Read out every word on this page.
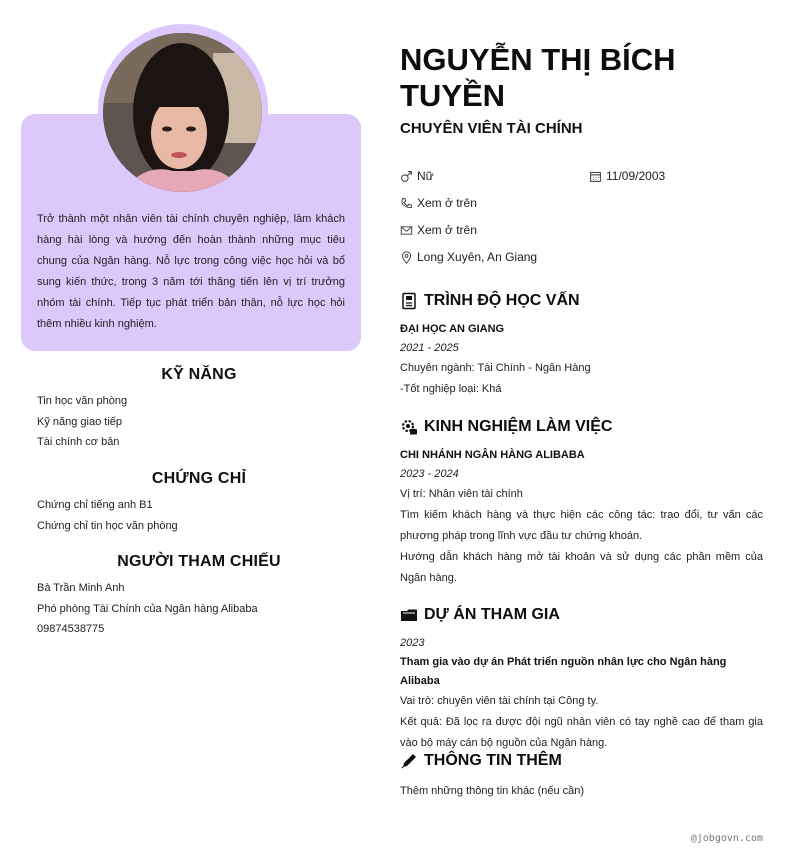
Trở thành một nhân viên tài chính chuyên nghiệp, làm khách hàng hài lòng và hướng đến hoàn thành những mục tiêu chung của Ngân hàng. Nỗ lực trong công việc học hỏi và bổ sung kiến thức, trong 3 năm tới thăng tiến lên vị trí trưởng nhóm tài chính. Tiếp tục phát triển bản thân, nỗ lực học hỏi thêm nhiều kinh nghiệm.
KỸ NĂNG
Tin học văn phòng
Kỹ năng giao tiếp
Tài chính cơ bản
CHỨNG CHỈ
Chứng chỉ tiếng anh B1
Chứng chỉ tin học văn phòng
NGƯỜI THAM CHIẾU
Bà Trần Minh Anh
Phó phòng Tài Chính của Ngân hàng Alibaba
09874538775
NGUYỄN THỊ BÍCH TUYỀN
CHUYÊN VIÊN TÀI CHÍNH
Nữ	11/09/2003
Xem ở trên
Xem ở trên
Long Xuyên, An Giang
TRÌNH ĐỘ HỌC VẤN
ĐẠI HỌC AN GIANG
2021 - 2025
Chuyên ngành: Tài Chính - Ngân Hàng
-Tốt nghiệp loại: Khá
KINH NGHIỆM LÀM VIỆC
CHI NHÁNH NGÂN HÀNG ALIBABA
2023 - 2024
Vị trí: Nhân viên tài chính
Tìm kiếm khách hàng và thực hiện các công tác: trao đổi, tư vấn các phương pháp trong lĩnh vực đầu tư chứng khoán.
Hướng dẫn khách hàng mở tài khoản và sử dụng các phần mềm của Ngân hàng.
DỰ ÁN THAM GIA
2023
Tham gia vào dự án Phát triển nguồn nhân lực cho Ngân hàng Alibaba
Vai trò: chuyên viên tài chính tại Công ty.
Kết quả: Đã lọc ra được đội ngũ nhân viên có tay nghề cao để tham gia vào bộ máy cán bộ nguồn của Ngân hàng.
THÔNG TIN THÊM
Thêm những thông tin khác (nếu cần)
@jobgovn.com
